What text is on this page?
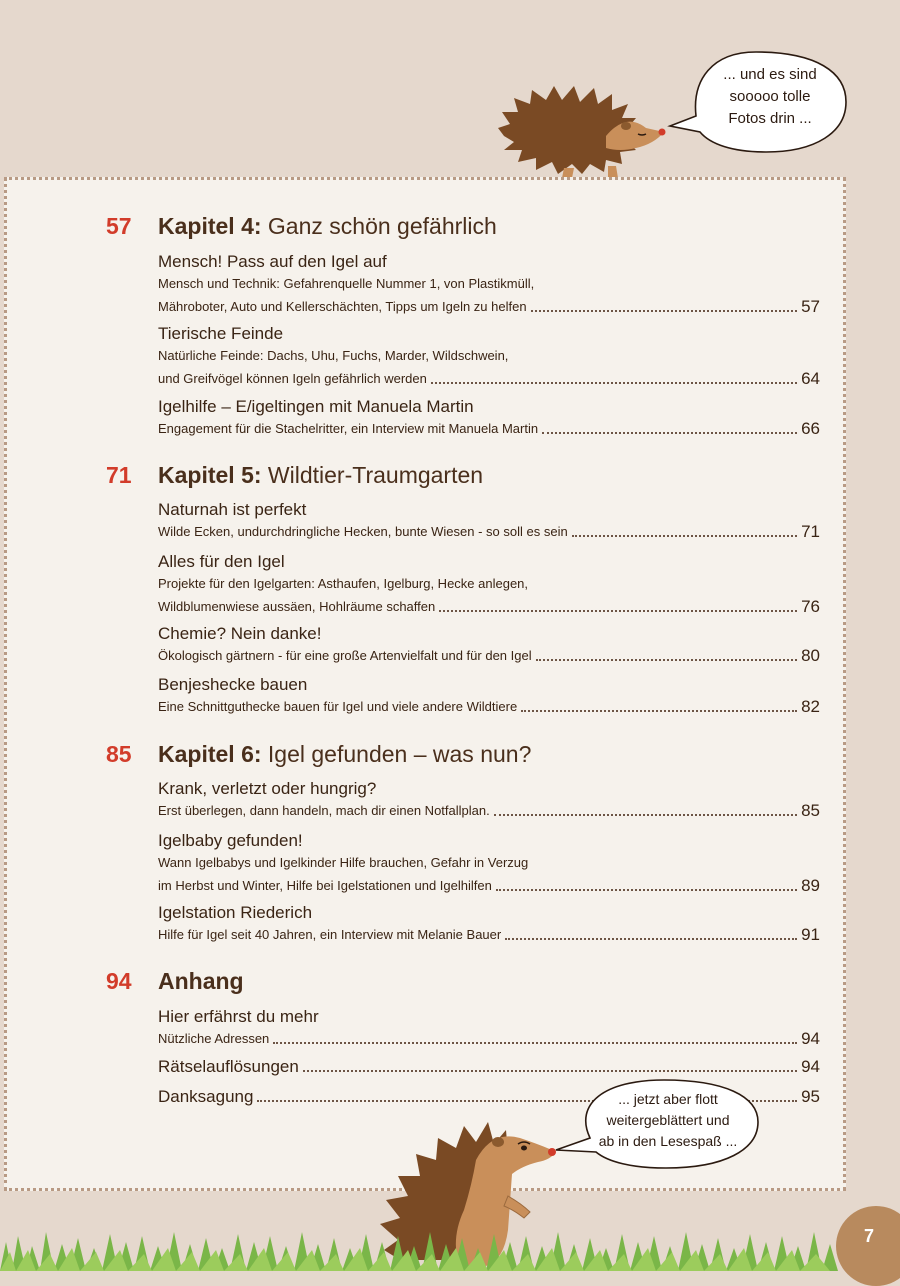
... und es sind
sooooo tolle
Fotos drin ...
57 Kapitel 4: Ganz schön gefährlich
Mensch! Pass auf den Igel auf
Mensch und Technik: Gefahrenquelle Nummer 1, von Plastikmüll,
Mähroboter, Auto und Kellerschächten, Tipps um Igeln zu helfen	57
Tierische Feinde
Natürliche Feinde: Dachs, Uhu, Fuchs, Marder, Wildschwein,
und Greifvögel können Igeln gefährlich werden	64
Igelhilfe – E/igeltingen mit Manuela Martin
Engagement für die Stachelritter, ein Interview mit Manuela Martin	66
71 Kapitel 5: Wildtier-Traumgarten
Naturnah ist perfekt
Wilde Ecken, undurchdringliche Hecken, bunte Wiesen - so soll es sein	71
Alles für den Igel
Projekte für den Igelgarten: Asthaufen, Igelburg, Hecke anlegen,
Wildblumenwiese aussäen, Hohlräume schaffen	76
Chemie? Nein danke!
Ökologisch gärtnern - für eine große Artenvielfalt und für den Igel	80
Benjeshecke bauen
Eine Schnittguthecke bauen für Igel und viele andere Wildtiere	82
85 Kapitel 6: Igel gefunden – was nun?
Krank, verletzt oder hungrig?
Erst überlegen, dann handeln, mach dir einen Notfallplan.	85
Igelbaby gefunden!
Wann Igelbabys und Igelkinder Hilfe brauchen, Gefahr in Verzug
im Herbst und Winter, Hilfe bei Igelstationen und Igelhilfen	89
Igelstation Riederich
Hilfe für Igel seit 40 Jahren, ein Interview mit Melanie Bauer	91
94 Anhang
Hier erfährst du mehr
Nützliche Adressen	94
Rätselauflösungen	94
Danksagung	95
... jetzt aber flott
weitergeblättert und
ab in den Lesespaß ...
7
